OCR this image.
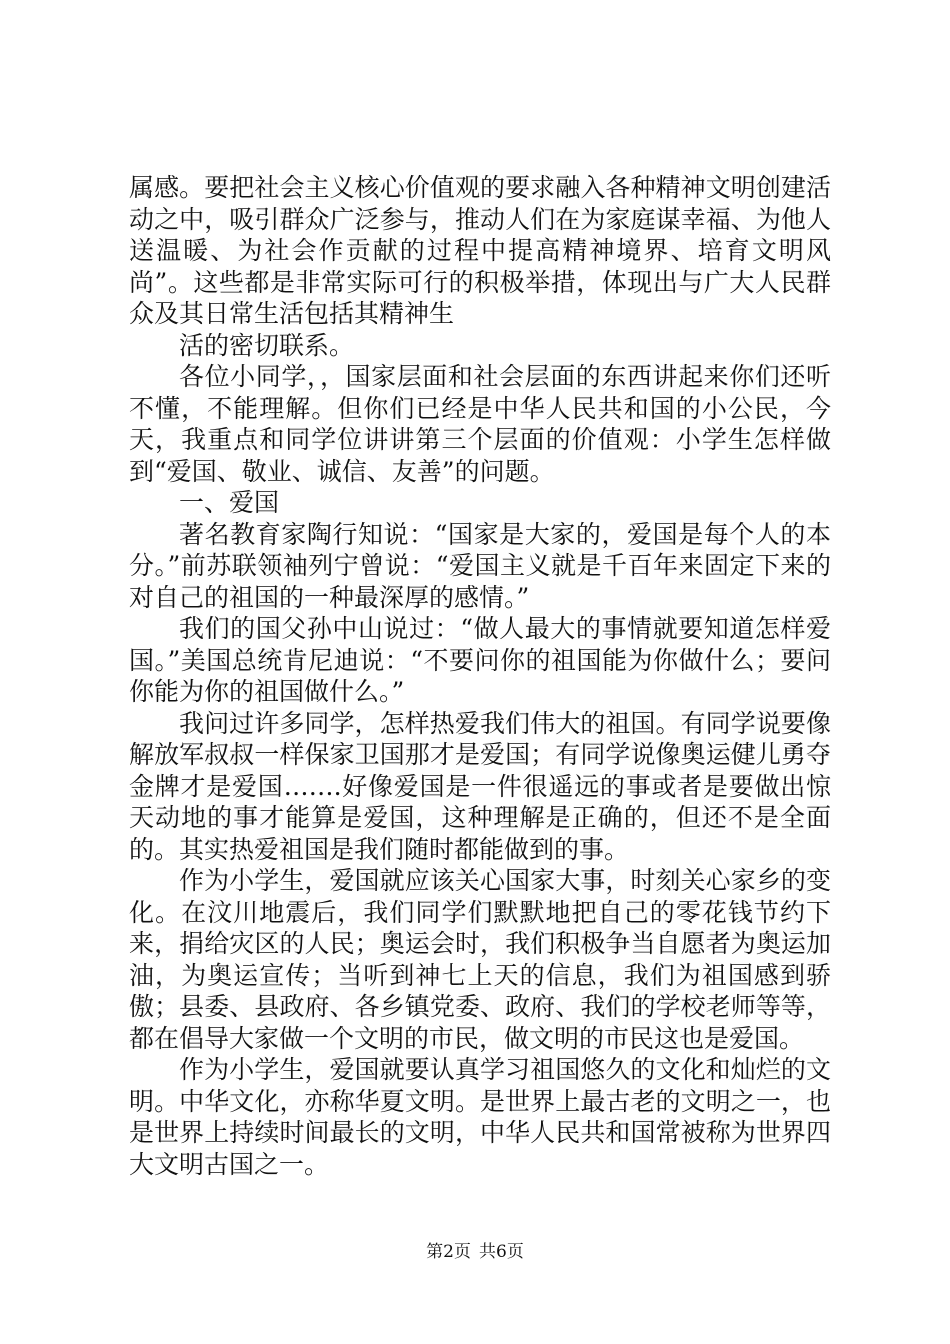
属感。要把社会主义核心价值观的要求融入各种精神文明创建活动之中，吸引群众广泛参与，推动人们在为家庭谋幸福、为他人送温暖、为社会作贡献的过程中提高精神境界、培育文明风尚”。这些都是非常实际可行的积极举措，体现出与广大人民群众及其日常生活包括其精神生

活的密切联系。

各位小同学，，国家层面和社会层面的东西讲起来你们还听不懂，不能理解。但你们已经是中华人民共和国的小公民，今天，我重点和同学位讲讲第三个层面的价值观：小学生怎样做到“爱国、敬业、诚信、友善”的问题。

一、爱国

著名教育家陶行知说：“国家是大家的，爱国是每个人的本分。”前苏联领袖列宁曾说：“爱国主义就是千百年来固定下来的对自己的祖国的一种最深厚的感情。”

我们的国父孙中山说过：“做人最大的事情就要知道怎样爱国。”美国总统肯尼迪说：“不要问你的祖国能为你做什么；要问你能为你的祖国做什么。”

我问过许多同学，怎样热爱我们伟大的祖国。有同学说要像解放军叔叔一样保家卫国那才是爱国；有同学说像奥运健儿勇夺金牌才是爱国…….好像爱国是一件很遥远的事或者是要做出惊天动地的事才能算是爱国，这种理解是正确的，但还不是全面的。其实热爱祖国是我们随时都能做到的事。

作为小学生，爱国就应该关心国家大事，时刻关心家乡的变化。在汶川地震后，我们同学们默默地把自己的零花钱节约下来，捐给灾区的人民；奥运会时，我们积极争当自愿者为奥运加油，为奥运宣传；当听到神七上天的信息，我们为祖国感到骄傲；县委、县政府、各乡镇党委、政府、我们的学校老师等等，都在倡导大家做一个文明的市民，做文明的市民这也是爱国。

作为小学生，爱国就要认真学习祖国悠久的文化和灿烂的文明。中华文化，亦称华夏文明。是世界上最古老的文明之一，也是世界上持续时间最长的文明，中华人民共和国常被称为世界四大文明古国之一。

第2页 共6页
